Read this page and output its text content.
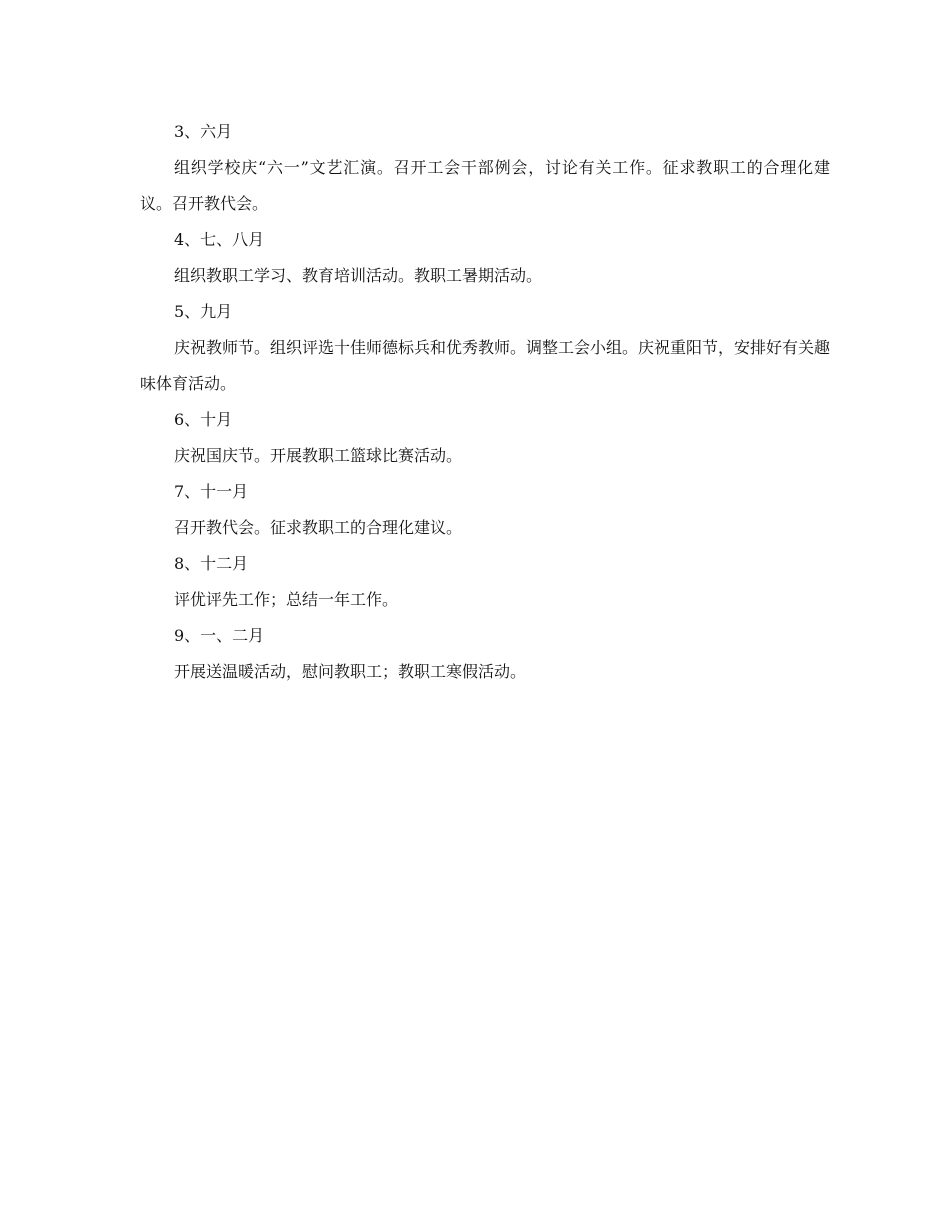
3、六月

组织学校庆“六一”文艺汇演。召开工会干部例会，讨论有关工作。征求教职工的合理化建议。召开教代会。

4、七、八月

组织教职工学习、教育培训活动。教职工暑期活动。

5、九月

庆祝教师节。组织评选十佳师德标兵和优秀教师。调整工会小组。庆祝重阳节，安排好有关趣味体育活动。

6、十月

庆祝国庆节。开展教职工篮球比赛活动。

7、十一月

召开教代会。征求教职工的合理化建议。

8、十二月

评优评先工作；总结一年工作。

9、一、二月

开展送温暖活动，慰问教职工；教职工寒假活动。
